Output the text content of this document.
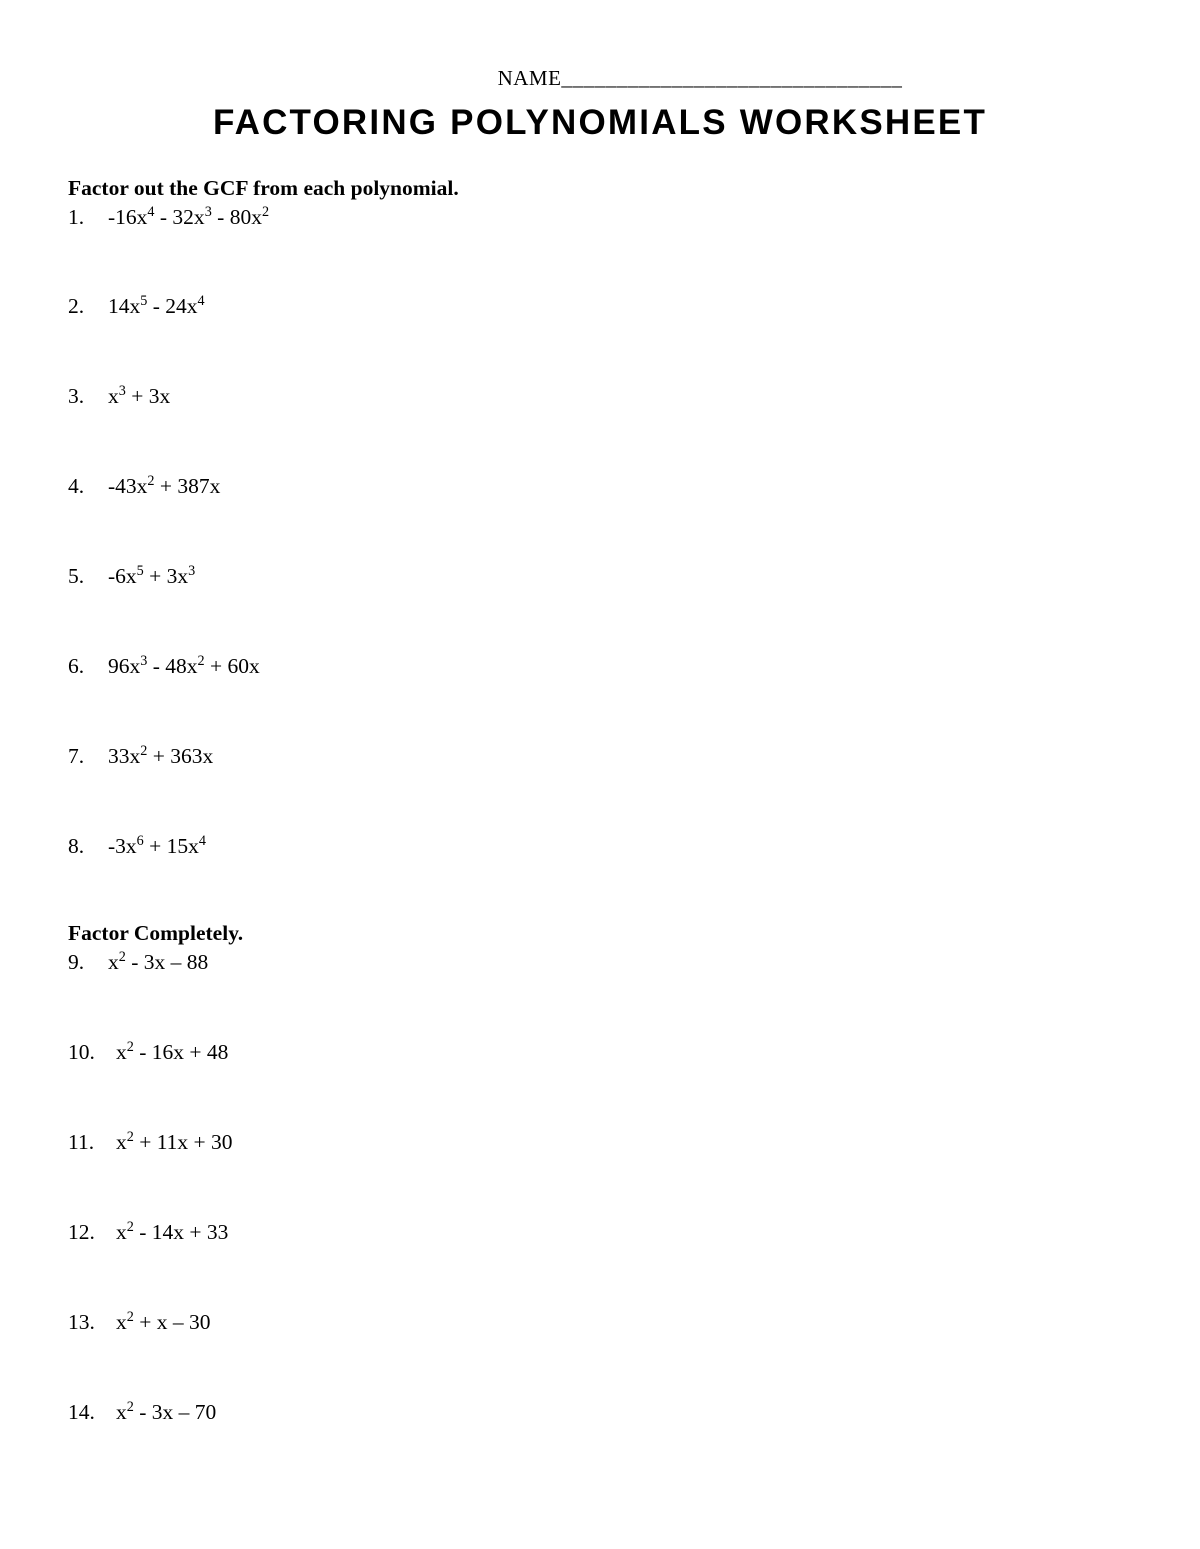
NAME_______________________________
FACTORING POLYNOMIALS WORKSHEET
Factor out the GCF from each polynomial.
1. $-16x^4 - 32x^3 - 80x^2$
2. $14x^5 - 24x^4$
3. $x^3 + 3x$
4. $-43x^2 + 387x$
5. $-6x^5 + 3x^3$
6. $96x^3 - 48x^2 + 60x$
7. $33x^2 + 363x$
8. $-3x^6 + 15x^4$
Factor Completely.
9. $x^2 - 3x - 88$
10. $x^2 - 16x + 48$
11. $x^2 + 11x + 30$
12. $x^2 - 14x + 33$
13. $x^2 + x - 30$
14. $x^2 - 3x - 70$
